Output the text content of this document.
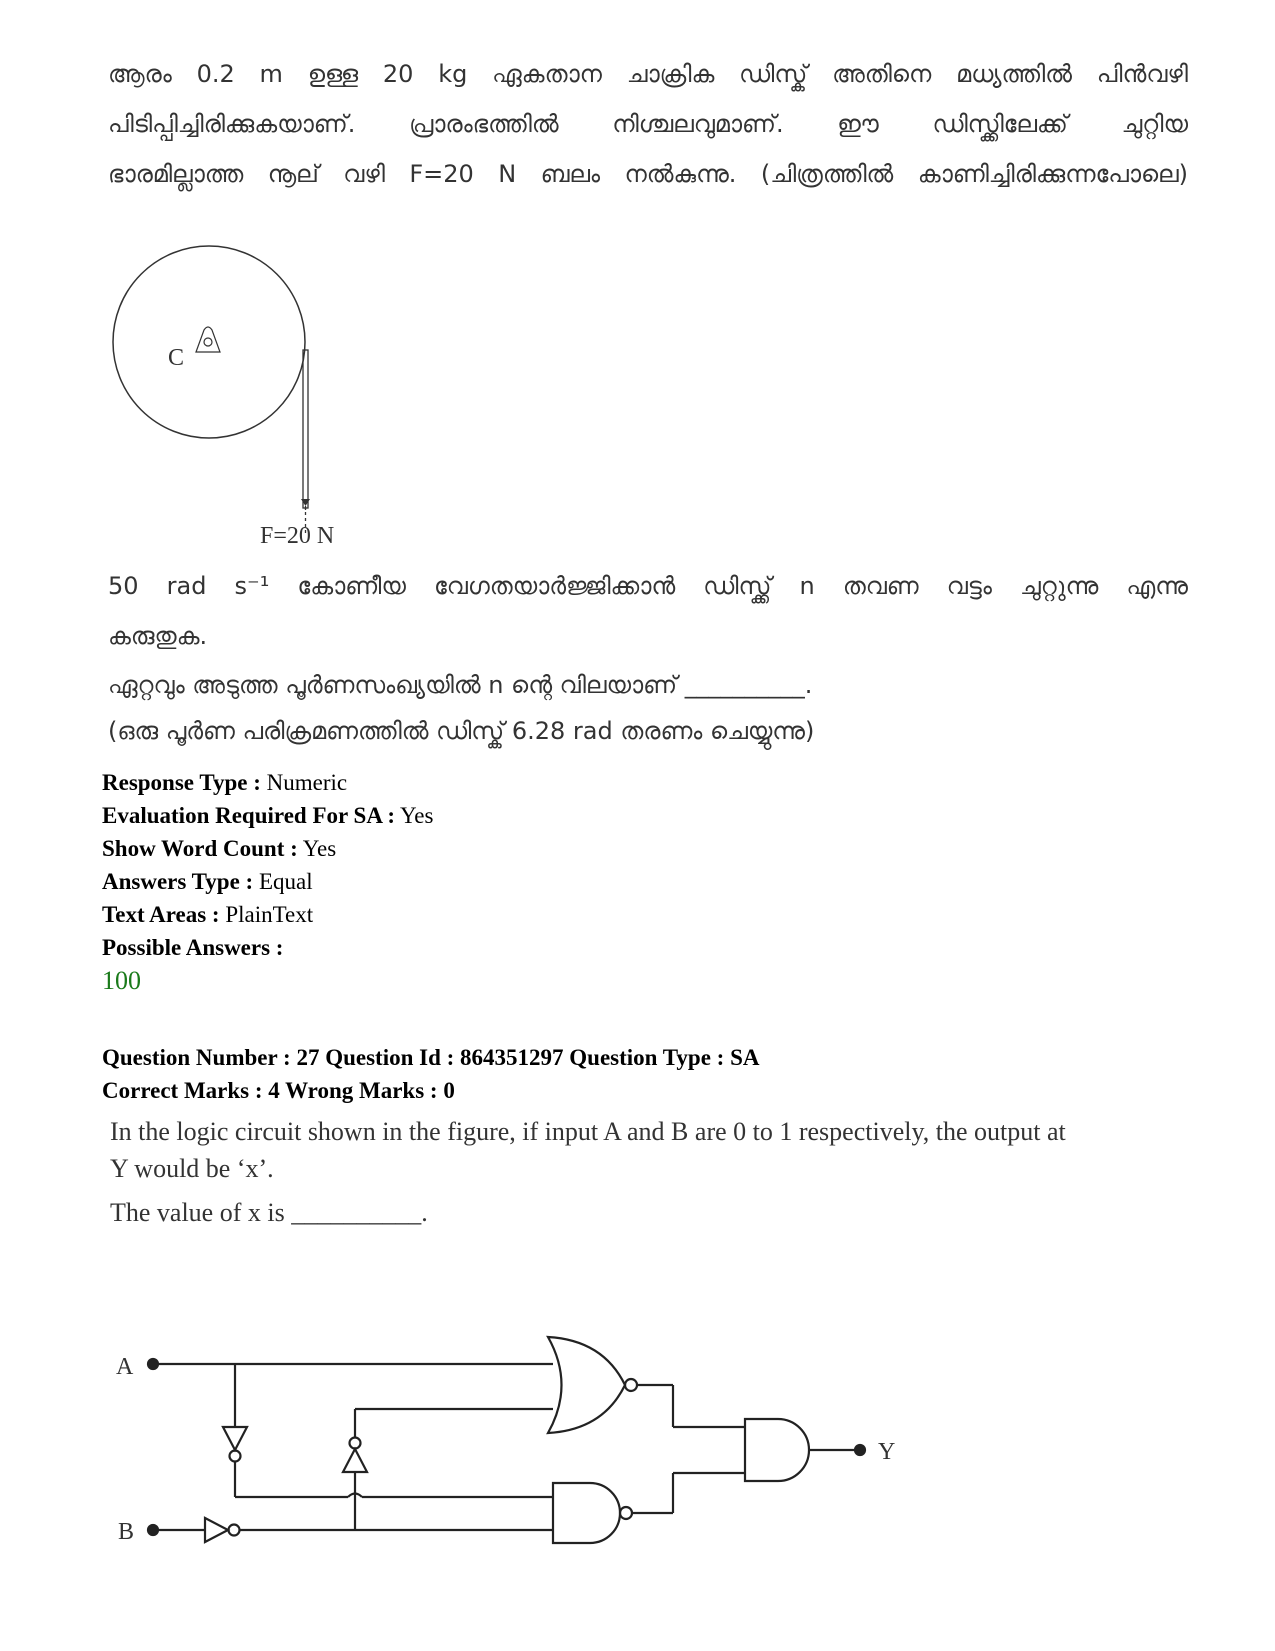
ആരം 0.2 m ഉള്ള 20 kg ഏകതാന ചാക്രിക ഡിസ്ക് അതിനെ മധ്യത്തിൽ പിൻവഴി
പിടിപ്പിച്ചിരിക്കുകയാണ്. പ്രാരംഭത്തിൽ നിശ്ചലവുമാണ്. ഈ ഡിസ്ക്കിലേക്ക് ചുറ്റിയ
ഭാരമില്ലാത്ത നൂല് വഴി F=20 N ബലം നൽകുന്നു. (ചിത്രത്തിൽ കാണിച്ചിരിക്കുന്നപോലെ)
C
F=20 N
50 rad s⁻¹ കോണീയ വേഗതയാർജ്ജിക്കാൻ ഡിസ്ക്ക് n തവണ വട്ടം ചുറ്റുന്നു എന്നു
കരുതുക.
ഏറ്റവും അടുത്ത പൂർണസംഖ്യയിൽ n ന്റെ വിലയാണ് __________.
(ഒരു പൂർണ പരിക്രമണത്തിൽ ഡിസ്ക് 6.28 rad തരണം ചെയ്യുന്നു)
Response Type : Numeric
Evaluation Required For SA : Yes
Show Word Count : Yes
Answers Type : Equal
Text Areas : PlainText
Possible Answers :
100
Question Number : 27 Question Id : 864351297 Question Type : SA
Correct Marks : 4 Wrong Marks : 0
In the logic circuit shown in the figure, if input A and B are 0 to 1 respectively, the output at
Y would be ‘x’.
The value of x is __________.
A
B
Y
